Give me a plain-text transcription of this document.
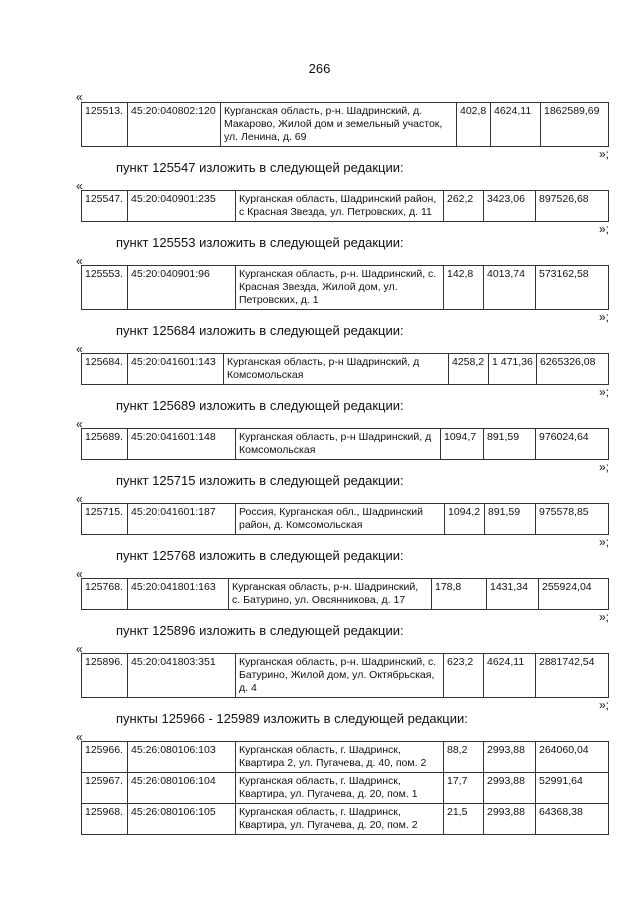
266
«
125513.	45:20:040802:120	Курганская область, р-н. Шадринский, д. Макарово, Жилой дом и земельный участок, ул. Ленина, д. 69	402,8	4624,11	1862589,69
»;
пункт 125547 изложить в следующей редакции:
«
125547.	45:20:040901:235	Курганская область, Шадринский район, с Красная Звезда, ул. Петровских, д. 11	262,2	3423,06	897526,68
»;
пункт 125553 изложить в следующей редакции:
«
125553.	45:20:040901:96	Курганская область, р-н. Шадринский, с. Красная Звезда, Жилой дом, ул. Петровских, д. 1	142,8	4013,74	573162,58
»;
пункт 125684 изложить в следующей редакции:
«
125684.	45:20:041601:143	Курганская область, р-н Шадринский, д Комсомольская	4258,2	1 471,36	6265326,08
»;
пункт 125689 изложить в следующей редакции:
«
125689.	45:20:041601:148	Курганская область, р-н Шадринский, д Комсомольская	1094,7	891,59	976024,64
»;
пункт 125715 изложить в следующей редакции:
«
125715.	45:20:041601:187	Россия, Курганская обл., Шадринский район, д. Комсомольская	1094,2	891,59	975578,85
»;
пункт 125768 изложить в следующей редакции:
«
125768.	45:20:041801:163	Курганская область, р-н. Шадринский, с. Батурино, ул. Овсянникова, д. 17	178,8	1431,34	255924,04
»;
пункт 125896 изложить в следующей редакции:
«
125896.	45:20:041803:351	Курганская область, р-н. Шадринский, с. Батурино, Жилой дом, ул. Октябрьская, д. 4	623,2	4624,11	2881742,54
»;
пункты 125966 - 125989 изложить в следующей редакции:
«
125966.	45:26:080106:103	Курганская область, г. Шадринск, Квартира 2, ул. Пугачева, д. 40, пом. 2	88,2	2993,88	264060,04
125967.	45:26:080106:104	Курганская область, г. Шадринск, Квартира, ул. Пугачева, д. 20, пом. 1	17,7	2993,88	52991,64
125968.	45:26:080106:105	Курганская область, г. Шадринск, Квартира, ул. Пугачева, д. 20, пом. 2	21,5	2993,88	64368,38
